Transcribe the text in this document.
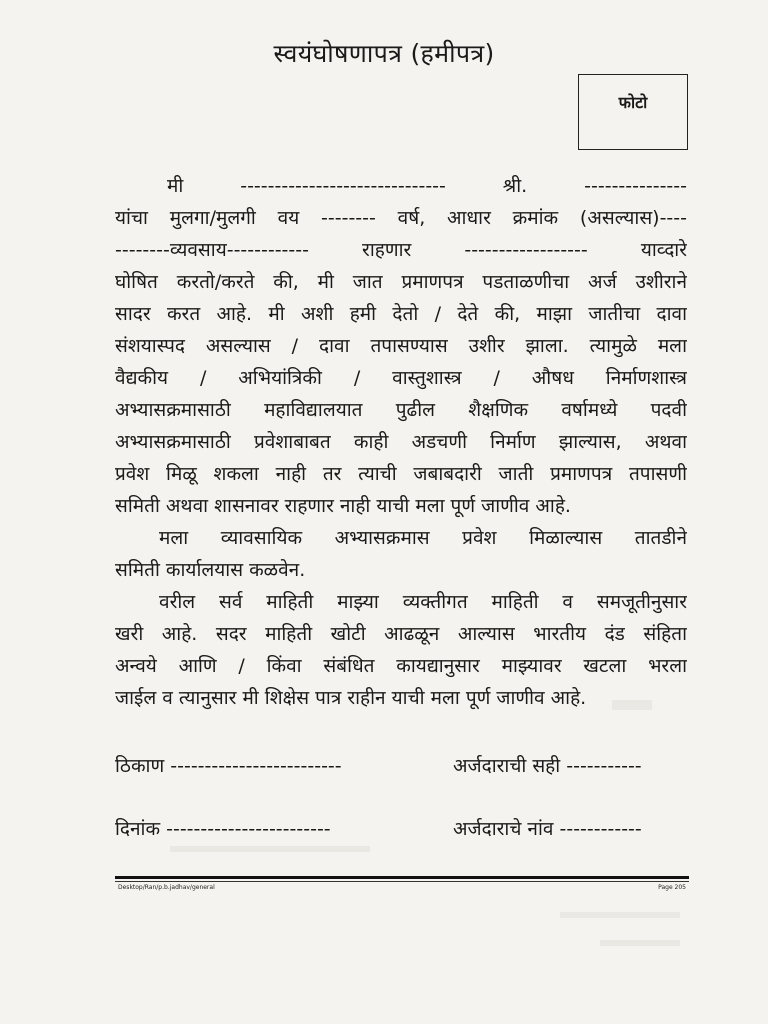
स्वयंघोषणापत्र (हमीपत्र)
फोटो
मी ------------------------------ श्री. ---------------
यांचा मुलगा/मुलगी वय -------- वर्ष, आधार क्रमांक (असल्यास)----
--------व्यवसाय------------ राहणार ------------------ याव्दारे
घोषित करतो/करते की, मी जात प्रमाणपत्र पडताळणीचा अर्ज उशीराने
सादर करत आहे. मी अशी हमी देतो / देते की, माझा जातीचा दावा
संशयास्पद असल्यास / दावा तपासण्यास उशीर झाला. त्यामुळे मला
वैद्यकीय / अभियांत्रिकी / वास्तुशास्त्र / औषध निर्माणशास्त्र
अभ्यासक्रमासाठी महाविद्यालयात पुढील शैक्षणिक वर्षामध्ये पदवी
अभ्यासक्रमासाठी प्रवेशाबाबत काही अडचणी निर्माण झाल्यास, अथवा
प्रवेश मिळू शकला नाही तर त्याची जबाबदारी जाती प्रमाणपत्र तपासणी
समिती अथवा शासनावर राहणार नाही याची मला पूर्ण जाणीव आहे.
मला व्यावसायिक अभ्यासक्रमास प्रवेश मिळाल्यास तातडीने
समिती कार्यालयास कळवेन.
वरील सर्व माहिती माझ्या व्यक्तीगत माहिती व समजूतीनुसार
खरी आहे. सदर माहिती खोटी आढळून आल्यास भारतीय दंड संहिता
अन्वये आणि / किंवा संबंधित कायद्यानुसार माझ्यावर खटला भरला
जाईल व त्यानुसार मी शिक्षेस पात्र राहीन याची मला पूर्ण जाणीव आहे.
ठिकाण -------------------------	अर्जदाराची सही -----------
दिनांक ------------------------	अर्जदाराचे नांव ------------
Desktop/Ran/p.b.jadhav/general	Page 205
